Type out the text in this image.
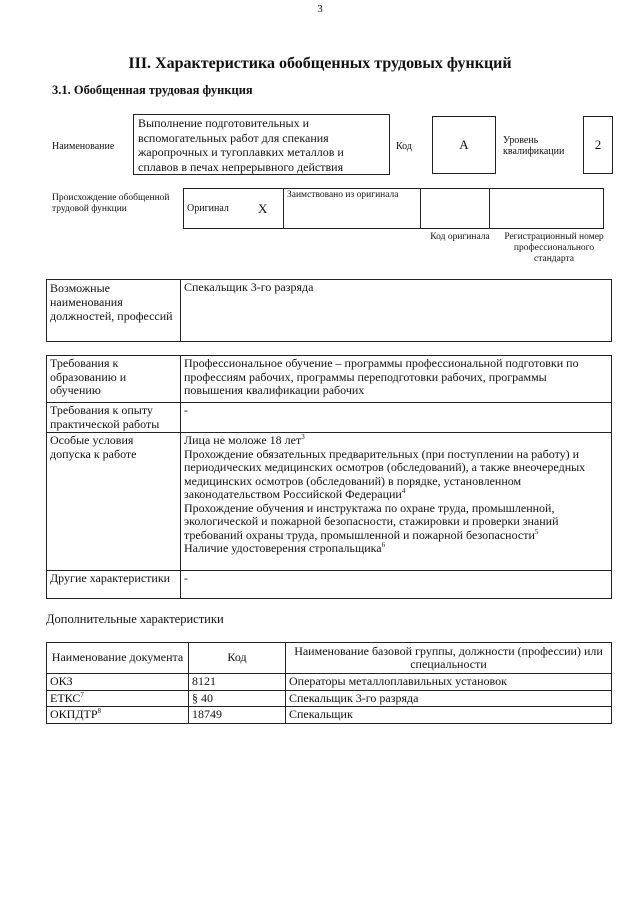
3
III. Характеристика обобщенных трудовых функций
3.1. Обобщенная трудовая функция
Наименование
Выполнение подготовительных и вспомогательных работ для спекания жаропрочных и тугоплавких металлов и сплавов в печах непрерывного действия
Код	А	Уровень квалификации	2
Происхождение обобщенной трудовой функции	Оригинал	X	Заимствовано из оригинала		
Код оригинала	Регистрационный номер профессионального стандарта
Возможные наименования должностей, профессий	Спекальщик 3-го разряда
Требования к образованию и обучению	Профессиональное обучение – программы профессиональной подготовки по профессиям рабочих, программы переподготовки рабочих, программы повышения квалификации рабочих
Требования к опыту практической работы	-
Особые условия допуска к работе	Лица не моложе 18 лет$^3$
Прохождение обязательных предварительных (при поступлении на работу) и периодических медицинских осмотров (обследований), а также внеочередных медицинских осмотров (обследований) в порядке, установленном законодательством Российской Федерации$^4$
Прохождение обучения и инструктажа по охране труда, промышленной, экологической и пожарной безопасности, стажировки и проверки знаний требований охраны труда, промышленной и пожарной безопасности$^5$
Наличие удостоверения стропальщика$^6$

Другие характеристики	-
Дополнительные характеристики
Наименование документа	Код	Наименование базовой группы, должности (профессии) или специальности
ОКЗ	8121	Операторы металлоплавильных установок
ЕТКС$^7$	§ 40	Спекальщик 3-го разряда
ОКПДТР$^8$	18749	Спекальщик
